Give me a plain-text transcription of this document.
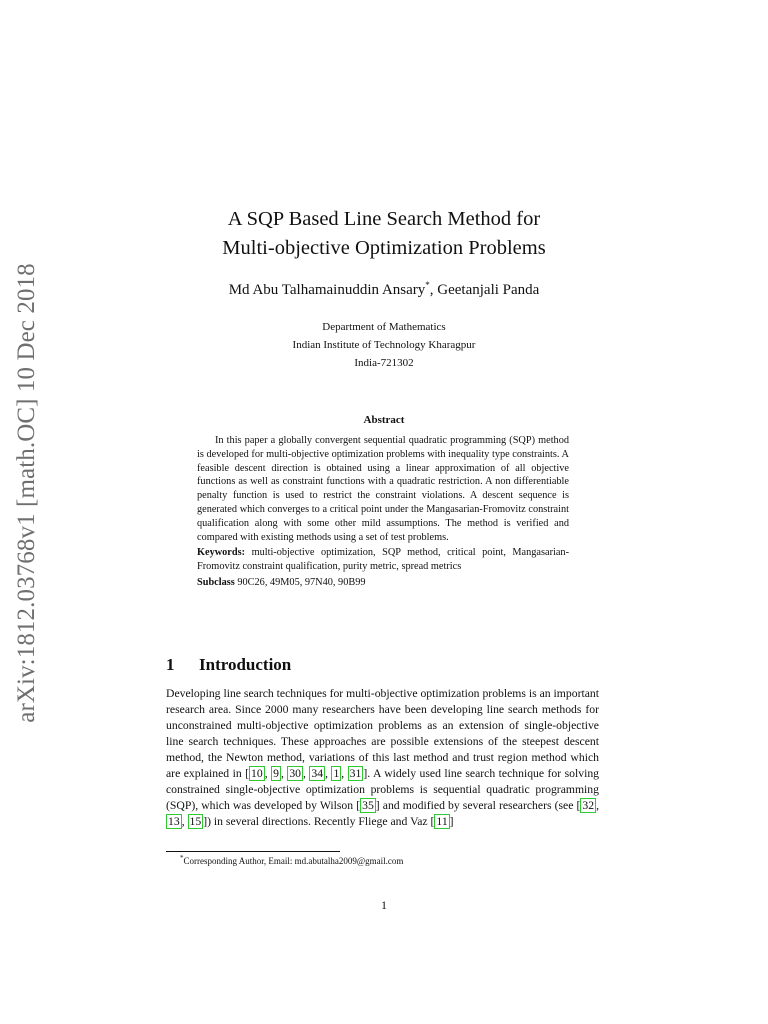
arXiv:1812.03768v1 [math.OC] 10 Dec 2018
A SQP Based Line Search Method for
Multi-objective Optimization Problems
Md Abu Talhamainuddin Ansary*, Geetanjali Panda
Department of Mathematics
Indian Institute of Technology Kharagpur
India-721302
Abstract

In this paper a globally convergent sequential quadratic programming (SQP) method is developed for multi-objective optimization problems with inequality type constraints. A feasible descent direction is obtained using a linear approximation of all objective functions as well as constraint functions with a quadratic restriction. A non differentiable penalty function is used to restrict the constraint violations. A descent sequence is generated which converges to a critical point under the Mangasarian-Fromovitz constraint qualification along with some other mild assumptions. The method is verified and compared with existing methods using a set of test problems.

Keywords: multi-objective optimization, SQP method, critical point, Mangasarian-Fromovitz constraint qualification, purity metric, spread metrics

Subclass 90C26, 49M05, 97N40, 90B99

1 Introduction

Developing line search techniques for multi-objective optimization problems is an important research area. Since 2000 many researchers have been developing line search methods for unconstrained multi-objective optimization problems as an extension of single-objective line search techniques. These approaches are possible extensions of the steepest descent method, the Newton method, variations of this last method and trust region method which are explained in [ 10 , 9 , 30 , 34 , 1 , 31 ]. A widely used line search technique for solving constrained single-objective optimization problems is sequential quadratic programming (SQP), which was developed by Wilson [ 35 ] and modified by several researchers (see [ 32 , 13 , 15 ]) in several directions. Recently Fliege and Vaz [ 11 ]

*Corresponding Author, Email: md.abutalha2009@gmail.com
1
